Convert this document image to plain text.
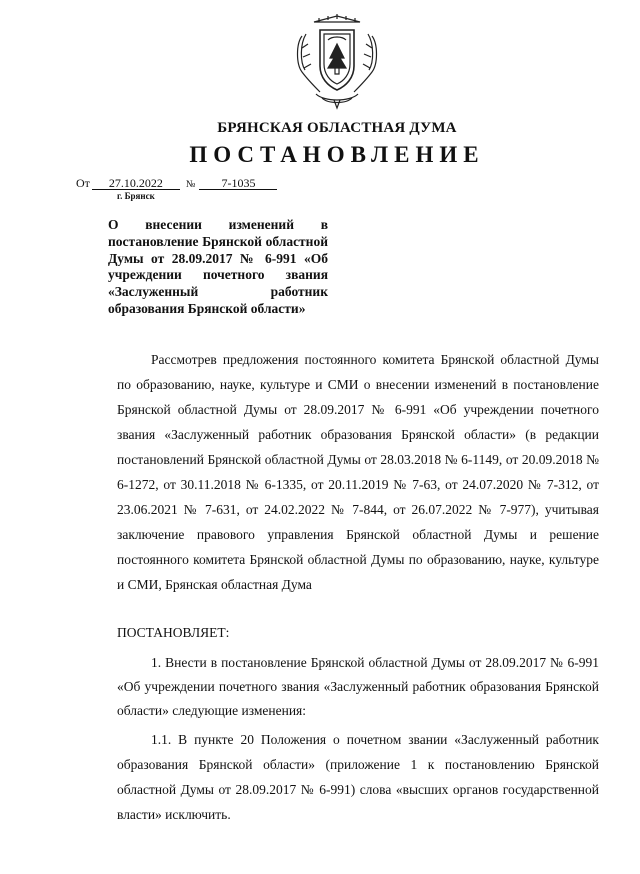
БРЯНСКАЯ ОБЛАСТНАЯ ДУМА
ПОСТАНОВЛЕНИЕ
От 27.10.2022 № 7-1035
г. Брянск
О внесении изменений в постановление Брянской областной Думы от 28.09.2017 № 6-991 «Об учреждении почетного звания «Заслуженный работник образования Брянской области»
Рассмотрев предложения постоянного комитета Брянской областной Думы по образованию, науке, культуре и СМИ о внесении изменений в постановление Брянской областной Думы от 28.09.2017 № 6-991 «Об учреждении почетного звания «Заслуженный работник образования Брянской области» (в редакции постановлений Брянской областной Думы от 28.03.2018 № 6-1149, от 20.09.2018 № 6-1272, от 30.11.2018 № 6-1335, от 20.11.2019 № 7-63, от 24.07.2020 № 7-312, от 23.06.2021 № 7-631, от 24.02.2022 № 7-844, от 26.07.2022 № 7-977), учитывая заключение правового управления Брянской областной Думы и решение постоянного комитета Брянской областной Думы по образованию, науке, культуре и СМИ, Брянская областная Дума
ПОСТАНОВЛЯЕТ:
1. Внести в постановление Брянской областной Думы от 28.09.2017 № 6-991 «Об учреждении почетного звания «Заслуженный работник образования Брянской области» следующие изменения:
1.1. В пункте 20 Положения о почетном звании «Заслуженный работник образования Брянской области» (приложение 1 к постановлению Брянской областной Думы от 28.09.2017 № 6-991) слова «высших органов государственной власти» исключить.
